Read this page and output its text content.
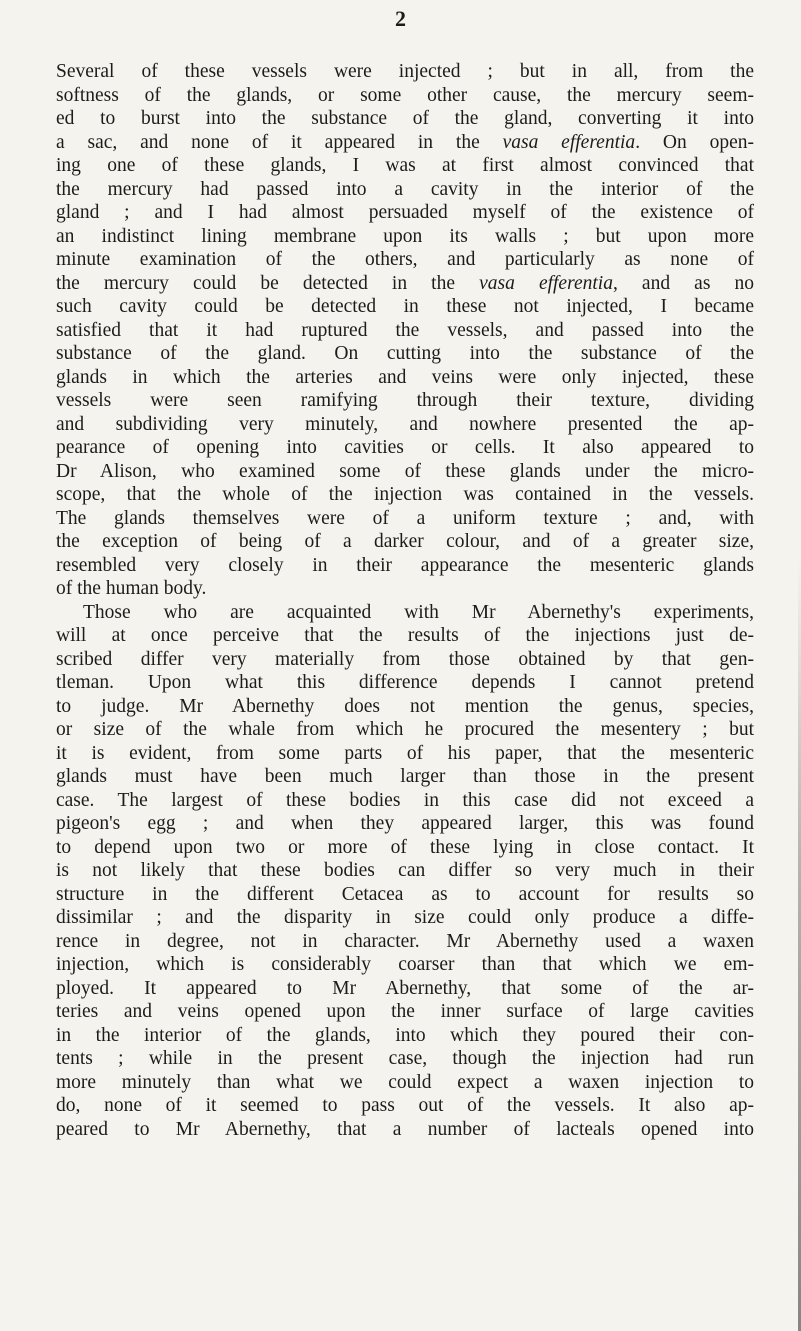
2
Several of these vessels were injected ; but in all, from the
softness of the glands, or some other cause, the mercury seem-
ed to burst into the substance of the gland, converting it into
a sac, and none of it appeared in the vasa efferentia. On open-
ing one of these glands, I was at first almost convinced that
the mercury had passed into a cavity in the interior of the
gland ; and I had almost persuaded myself of the existence of
an indistinct lining membrane upon its walls ; but upon more
minute examination of the others, and particularly as none of
the mercury could be detected in the vasa efferentia, and as no
such cavity could be detected in these not injected, I became
satisfied that it had ruptured the vessels, and passed into the
substance of the gland. On cutting into the substance of the
glands in which the arteries and veins were only injected, these
vessels were seen ramifying through their texture, dividing
and subdividing very minutely, and nowhere presented the ap-
pearance of opening into cavities or cells. It also appeared to
Dr Alison, who examined some of these glands under the micro-
scope, that the whole of the injection was contained in the vessels.
The glands themselves were of a uniform texture ; and, with
the exception of being of a darker colour, and of a greater size,
resembled very closely in their appearance the mesenteric glands
of the human body.
Those who are acquainted with Mr Abernethy's experiments,
will at once perceive that the results of the injections just de-
scribed differ very materially from those obtained by that gen-
tleman. Upon what this difference depends I cannot pretend
to judge. Mr Abernethy does not mention the genus, species,
or size of the whale from which he procured the mesentery ; but
it is evident, from some parts of his paper, that the mesenteric
glands must have been much larger than those in the present
case. The largest of these bodies in this case did not exceed a
pigeon's egg ; and when they appeared larger, this was found
to depend upon two or more of these lying in close contact. It
is not likely that these bodies can differ so very much in their
structure in the different Cetacea as to account for results so
dissimilar ; and the disparity in size could only produce a diffe-
rence in degree, not in character. Mr Abernethy used a waxen
injection, which is considerably coarser than that which we em-
ployed. It appeared to Mr Abernethy, that some of the ar-
teries and veins opened upon the inner surface of large cavities
in the interior of the glands, into which they poured their con-
tents ; while in the present case, though the injection had run
more minutely than what we could expect a waxen injection to
do, none of it seemed to pass out of the vessels. It also ap-
peared to Mr Abernethy, that a number of lacteals opened into
